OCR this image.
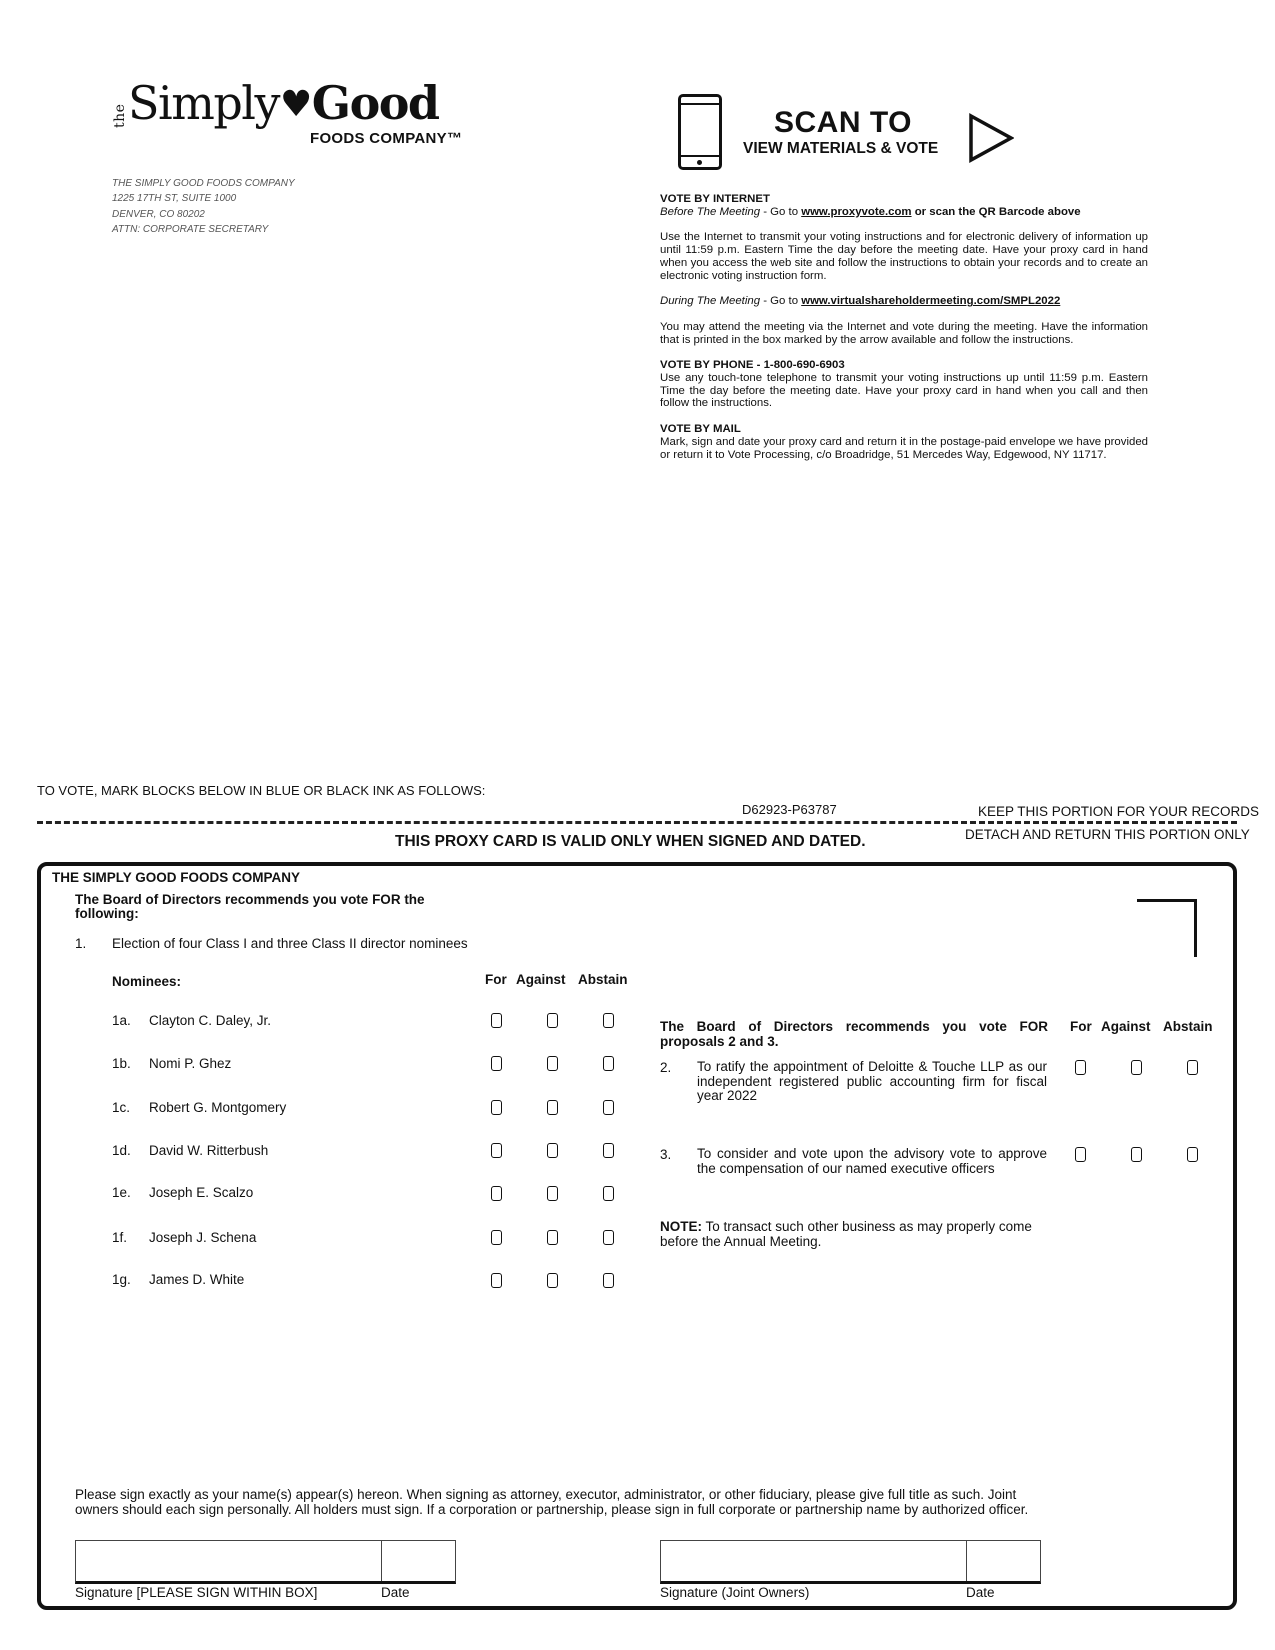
the Simply♥Good
FOODS COMPANY™
THE SIMPLY GOOD FOODS COMPANY
1225 17TH ST, SUITE 1000
DENVER, CO 80202
ATTN: CORPORATE SECRETARY
SCAN TO
VIEW MATERIALS & VOTE

VOTE BY INTERNET

Before The Meeting - Go to www.proxyvote.com or scan the QR Barcode above

Use the Internet to transmit your voting instructions and for electronic delivery of information up until 11:59 p.m. Eastern Time the day before the meeting date. Have your proxy card in hand when you access the web site and follow the instructions to obtain your records and to create an electronic voting instruction form.

During The Meeting - Go to www.virtualshareholdermeeting.com/SMPL2022

You may attend the meeting via the Internet and vote during the meeting. Have the information that is printed in the box marked by the arrow available and follow the instructions.

VOTE BY PHONE - 1-800-690-6903

Use any touch-tone telephone to transmit your voting instructions up until 11:59 p.m. Eastern Time the day before the meeting date. Have your proxy card in hand when you call and then follow the instructions.

VOTE BY MAIL

Mark, sign and date your proxy card and return it in the postage-paid envelope we have provided or return it to Vote Processing, c/o Broadridge, 51 Mercedes Way, Edgewood, NY 11717.

TO VOTE, MARK BLOCKS BELOW IN BLUE OR BLACK INK AS FOLLOWS:
D62923-P63787	KEEP THIS PORTION FOR YOUR RECORDS
DETACH AND RETURN THIS PORTION ONLY
THIS PROXY CARD IS VALID ONLY WHEN SIGNED AND DATED.
THE SIMPLY GOOD FOODS COMPANY
The Board of Directors recommends you vote FOR the following:
1. Election of four Class I and three Class II director nominees
Nominees:	For Against Abstain
1a. Clayton C. Daley, Jr.
1b. Nomi P. Ghez
1c. Robert G. Montgomery
1d. David W. Ritterbush
1e. Joseph E. Scalzo
1f. Joseph J. Schena
1g. James D. White
The Board of Directors recommends you vote FOR proposals 2 and 3.
For Against Abstain
2. To ratify the appointment of Deloitte & Touche LLP as our independent registered public accounting firm for fiscal year 2022
3. To consider and vote upon the advisory vote to approve the compensation of our named executive officers
NOTE: To transact such other business as may properly come before the Annual Meeting.
Please sign exactly as your name(s) appear(s) hereon. When signing as attorney, executor, administrator, or other fiduciary, please give full title as such. Joint owners should each sign personally. All holders must sign. If a corporation or partnership, please sign in full corporate or partnership name by authorized officer.
Signature [PLEASE SIGN WITHIN BOX]	Date	Signature (Joint Owners)	Date
